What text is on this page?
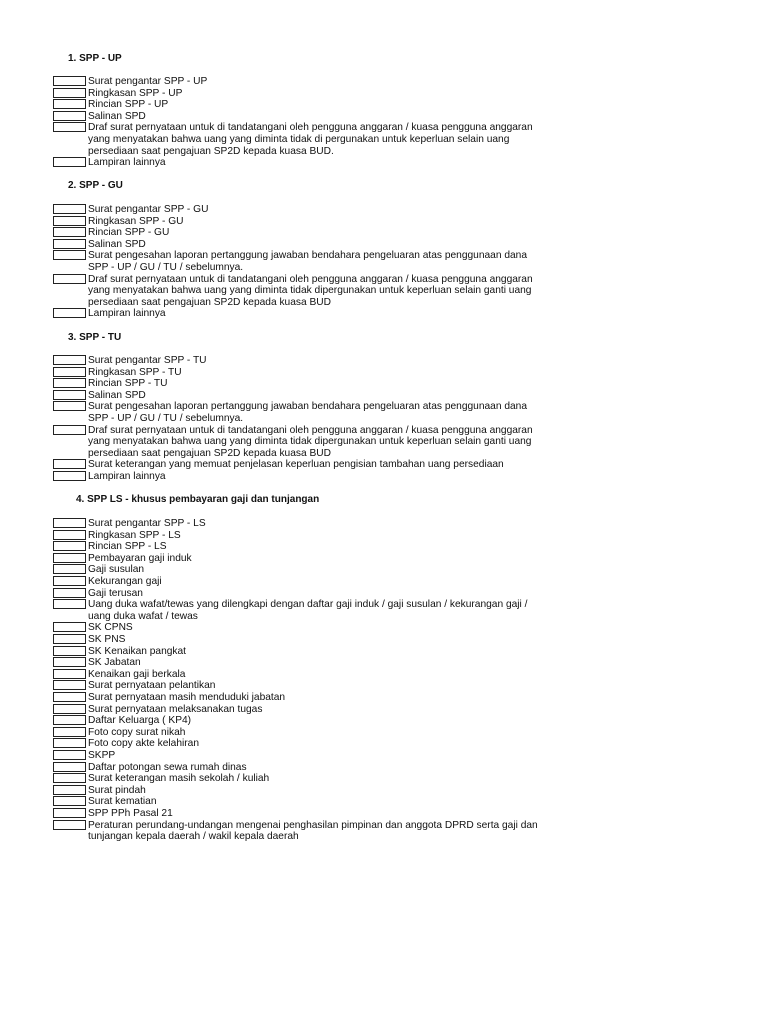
1. SPP - UP
Surat pengantar SPP - UP
Ringkasan SPP - UP
Rincian SPP - UP
Salinan SPD
Draf surat pernyataan untuk di tandatangani oleh pengguna anggaran / kuasa pengguna anggaran
yang menyatakan bahwa uang yang diminta tidak di pergunakan untuk keperluan selain uang
persediaan saat pengajuan SP2D kepada kuasa BUD.
Lampiran lainnya
2. SPP - GU
Surat pengantar SPP - GU
Ringkasan SPP - GU
Rincian SPP - GU
Salinan SPD
Surat pengesahan laporan pertanggung jawaban bendahara pengeluaran atas penggunaan dana
SPP - UP / GU / TU / sebelumnya.
Draf surat pernyataan untuk di tandatangani oleh pengguna anggaran / kuasa pengguna anggaran
yang menyatakan bahwa uang yang diminta tidak dipergunakan untuk keperluan selain ganti uang
persediaan saat pengajuan SP2D kepada kuasa BUD
Lampiran lainnya
3. SPP - TU
Surat pengantar SPP - TU
Ringkasan SPP - TU
Rincian SPP - TU
Salinan SPD
Surat pengesahan laporan pertanggung jawaban bendahara pengeluaran atas penggunaan dana
SPP - UP / GU / TU / sebelumnya.
Draf surat pernyataan untuk di tandatangani oleh pengguna anggaran / kuasa pengguna anggaran
yang menyatakan bahwa uang yang diminta tidak dipergunakan untuk keperluan selain ganti uang
persediaan saat pengajuan SP2D kepada kuasa BUD
Surat keterangan yang memuat penjelasan keperluan pengisian tambahan uang persediaan
Lampiran lainnya
4. SPP LS - khusus pembayaran gaji dan tunjangan
Surat pengantar SPP - LS
Ringkasan SPP - LS
Rincian SPP - LS
Pembayaran gaji induk
Gaji susulan
Kekurangan gaji
Gaji terusan
Uang duka wafat/tewas yang dilengkapi dengan daftar gaji induk / gaji susulan / kekurangan gaji /
uang duka wafat / tewas
SK CPNS
SK PNS
SK Kenaikan pangkat
SK Jabatan
Kenaikan gaji berkala
Surat pernyataan pelantikan
Surat pernyataan masih menduduki jabatan
Surat pernyataan melaksanakan tugas
Daftar Keluarga ( KP4)
Foto copy surat nikah
Foto copy akte kelahiran
SKPP
Daftar potongan sewa rumah dinas
Surat keterangan masih sekolah / kuliah
Surat pindah
Surat kematian
SPP PPh Pasal 21
Peraturan perundang-undangan mengenai penghasilan pimpinan dan anggota DPRD serta gaji dan
tunjangan kepala daerah / wakil kepala daerah
